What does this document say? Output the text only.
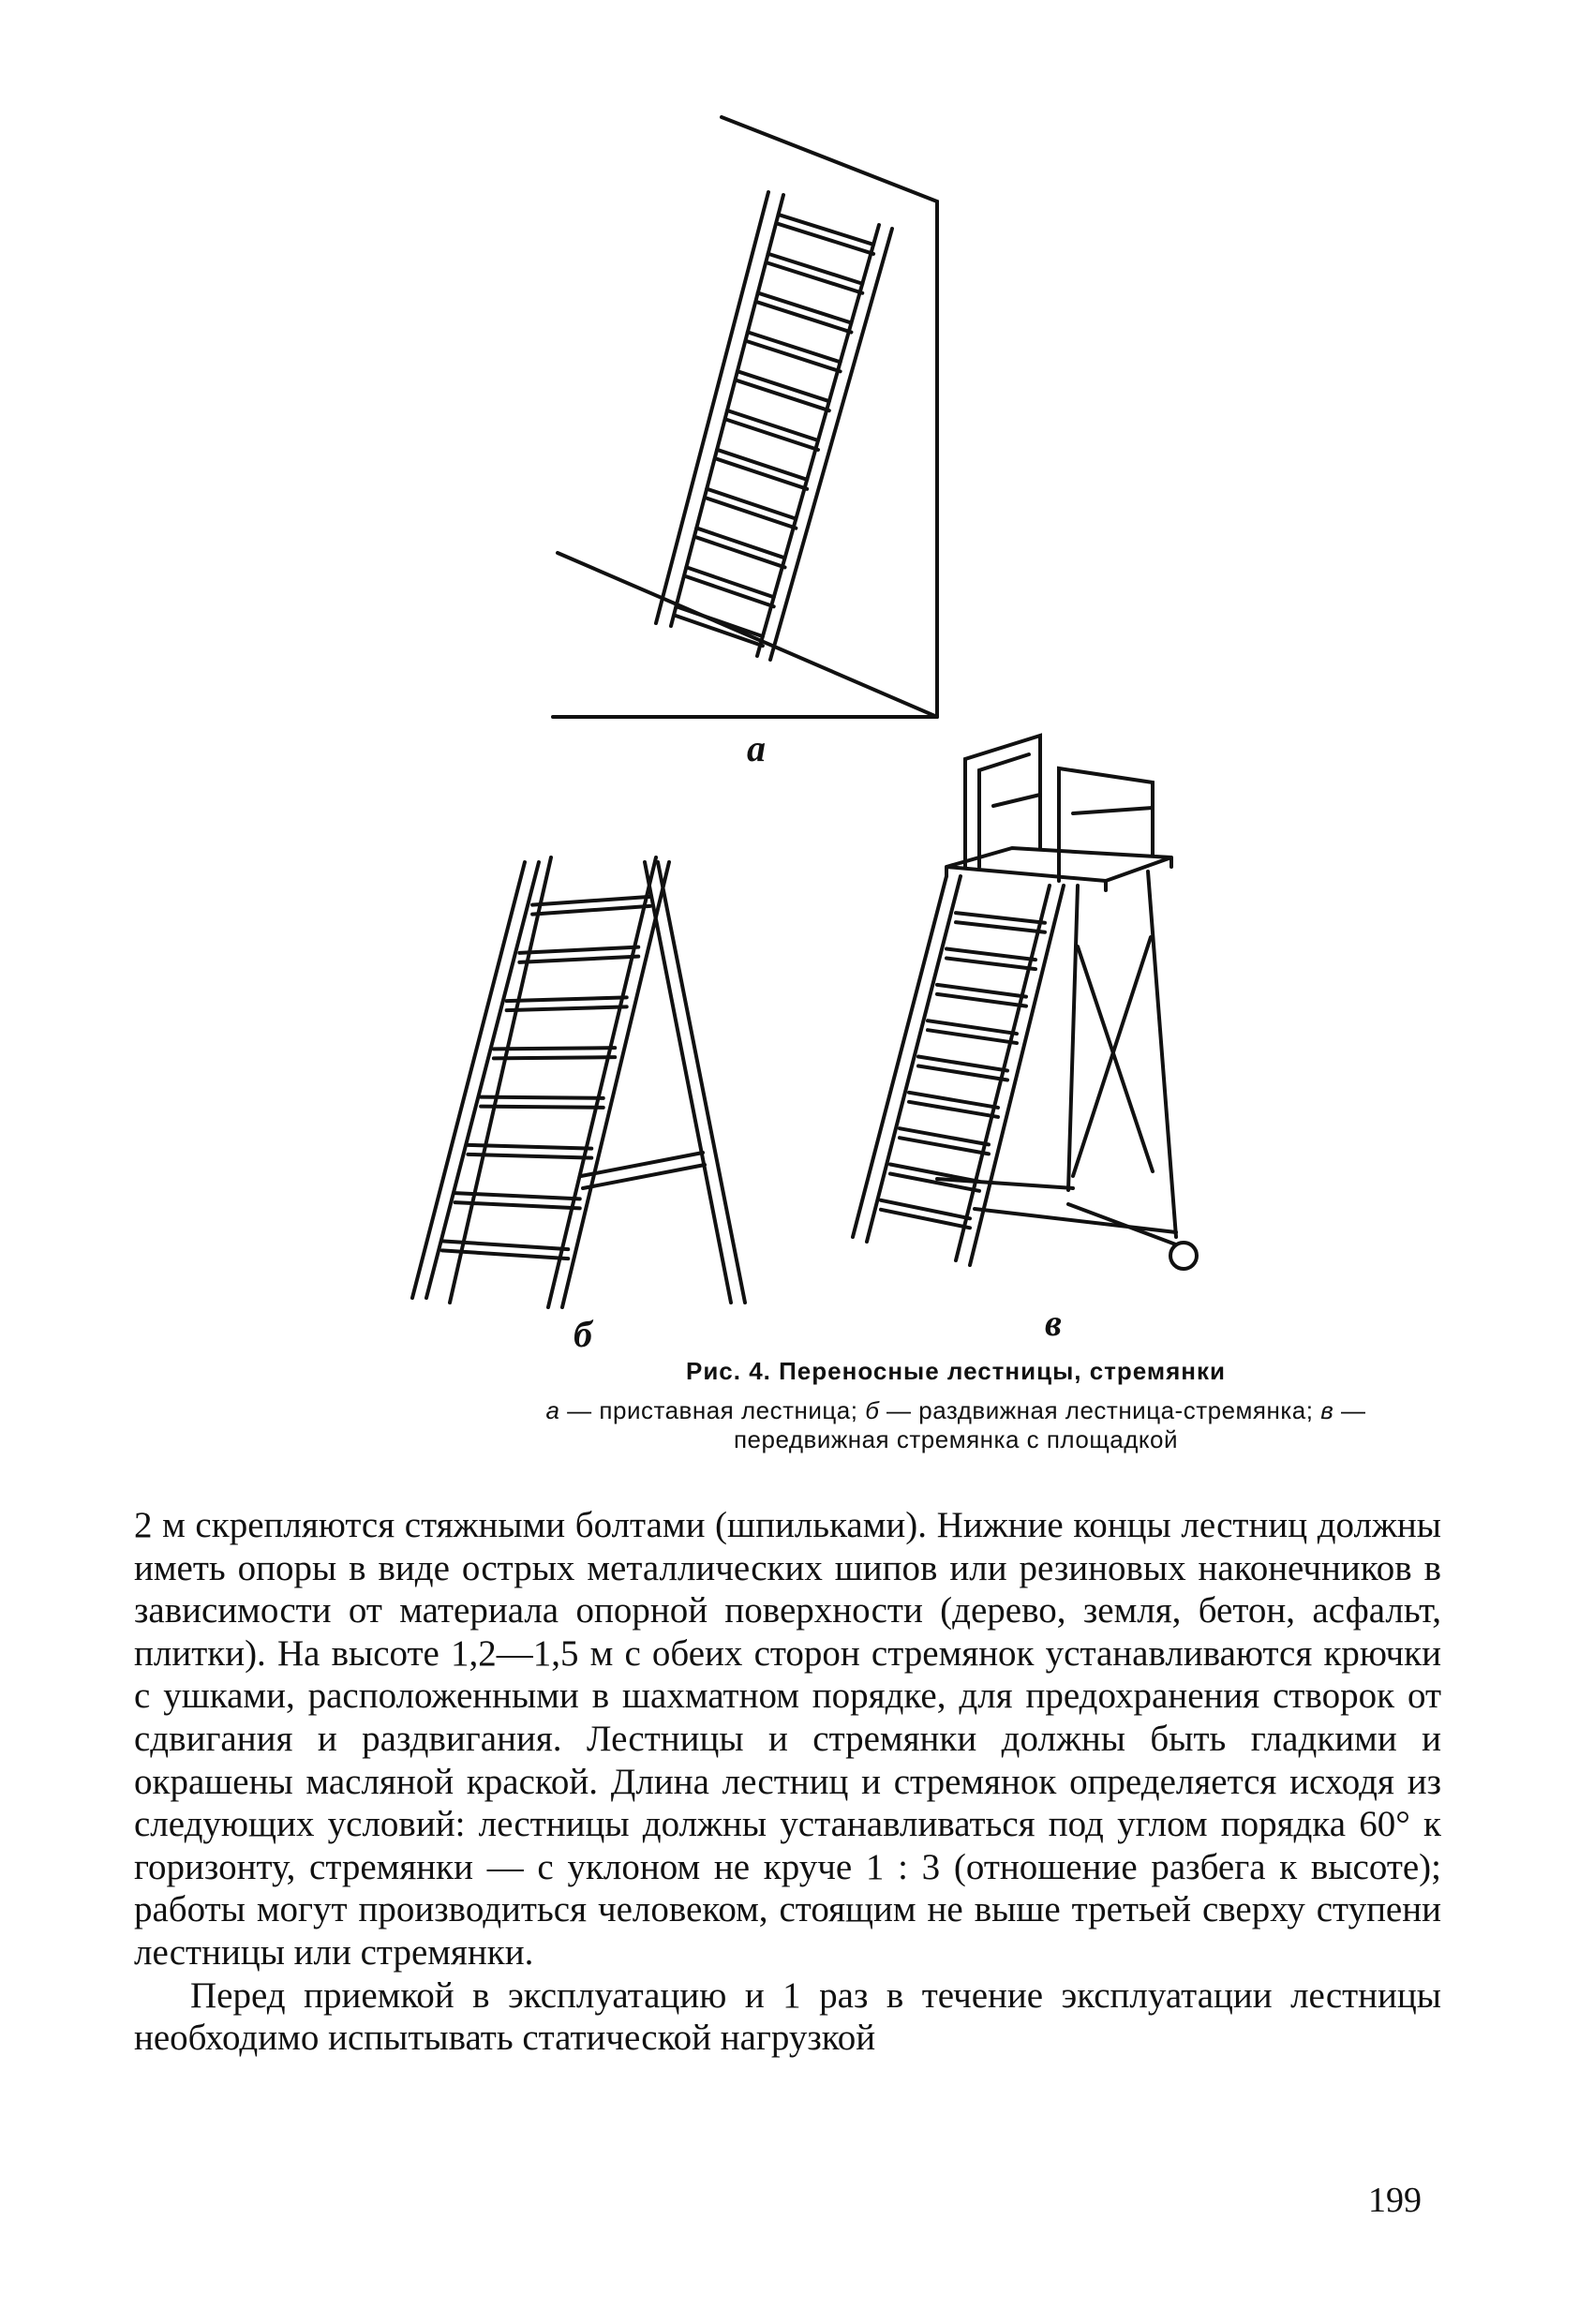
а
б	в
Рис. 4. Переносные лестницы, стремянки
а — приставная лестница; б — раздвижная лестница-стремянка; в — передвижная стремянка с площадкой

2 м скрепляются стяжными болтами (шпильками). Нижние концы лестниц должны иметь опоры в виде острых металлических шипов или резиновых наконечников в зависимости от материала опорной поверхности (дерево, земля, бетон, асфальт, плитки). На высоте 1,2—1,5 м с обеих сторон стремянок устанавливаются крючки с ушками, расположенными в шахматном порядке, для предохранения створок от сдвигания и раздвигания. Лестницы и стремянки должны быть гладкими и окрашены масляной краской. Длина лестниц и стремянок определяется исходя из следующих условий: лестницы должны устанавливаться под углом порядка 60° к горизонту, стремянки — с уклоном не круче 1 : 3 (отношение разбега к высоте); работы могут производиться человеком, стоящим не выше третьей сверху ступени лестницы или стремянки.

Перед приемкой в эксплуатацию и 1 раз в течение эксплуатации лестницы необходимо испытывать статической нагрузкой

199
